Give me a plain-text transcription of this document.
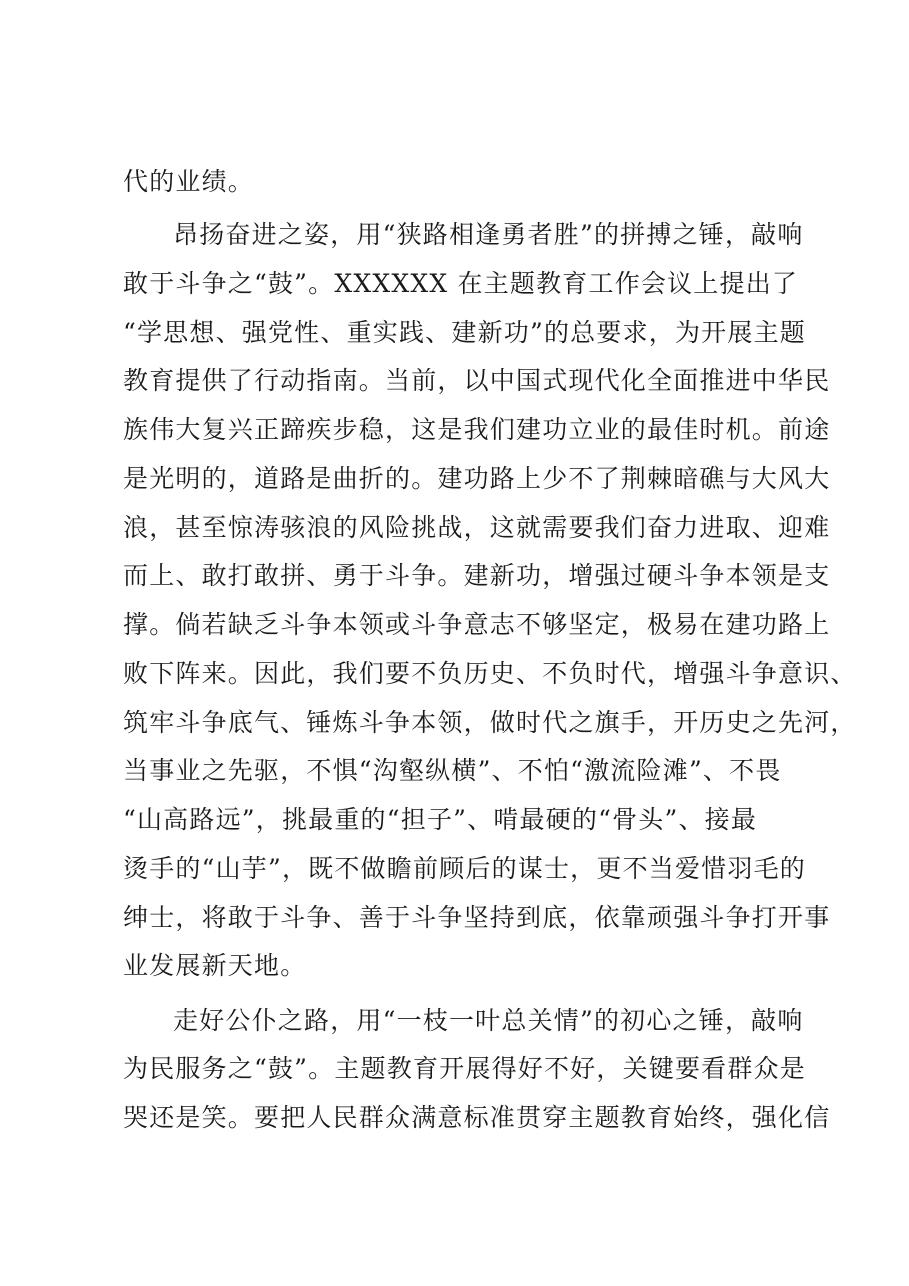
代的业绩。
昂扬奋进之姿，用“狭路相逢勇者胜”的拼搏之锤，敲响
敢于斗争之“鼓”。XXXXXX 在主题教育工作会议上提出了
“学思想、强党性、重实践、建新功”的总要求，为开展主题
教育提供了行动指南。当前，以中国式现代化全面推进中华民
族伟大复兴正蹄疾步稳，这是我们建功立业的最佳时机。前途
是光明的，道路是曲折的。建功路上少不了荆棘暗礁与大风大
浪，甚至惊涛骇浪的风险挑战，这就需要我们奋力进取、迎难
而上、敢打敢拼、勇于斗争。建新功，增强过硬斗争本领是支
撑。倘若缺乏斗争本领或斗争意志不够坚定，极易在建功路上
败下阵来。因此，我们要不负历史、不负时代，增强斗争意识、
筑牢斗争底气、锤炼斗争本领，做时代之旗手，开历史之先河，
当事业之先驱，不惧“沟壑纵横”、不怕“激流险滩”、不畏
“山高路远”，挑最重的“担子”、啃最硬的“骨头”、接最
烫手的“山芋”，既不做瞻前顾后的谋士，更不当爱惜羽毛的
绅士，将敢于斗争、善于斗争坚持到底，依靠顽强斗争打开事
业发展新天地。
走好公仆之路，用“一枝一叶总关情”的初心之锤，敲响
为民服务之“鼓”。主题教育开展得好不好，关键要看群众是
哭还是笑。要把人民群众满意标准贯穿主题教育始终，强化信
